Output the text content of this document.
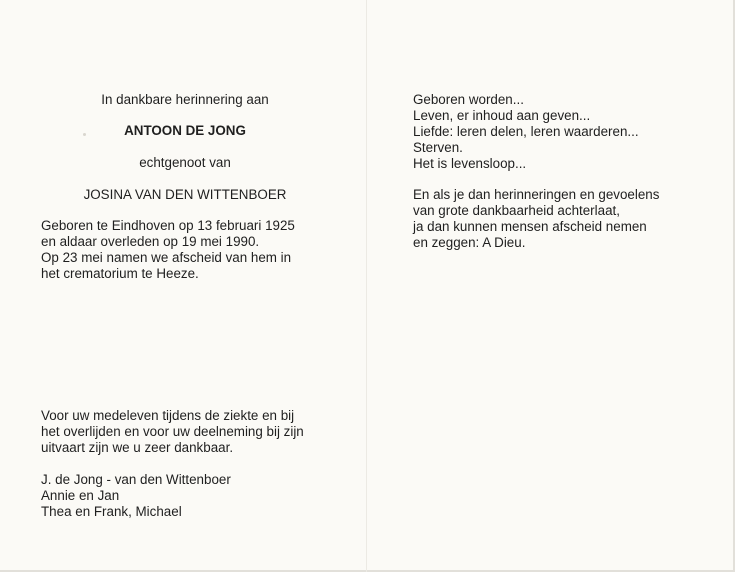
In dankbare herinnering aan

ANTOON DE JONG

echtgenoot van

JOSINA VAN DEN WITTENBOER

Geboren te Eindhoven op 13 februari 1925

en aldaar overleden op 19 mei 1990.

Op 23 mei namen we afscheid van hem in

het crematorium te Heeze.

Voor uw medeleven tijdens de ziekte en bij

het overlijden en voor uw deelneming bij zijn

uitvaart zijn we u zeer dankbaar.

J. de Jong - van den Wittenboer

Annie en Jan

Thea en Frank, Michael

Geboren worden...

Leven, er inhoud aan geven...

Liefde: leren delen, leren waarderen...

Sterven.

Het is levensloop...

En als je dan herinneringen en gevoelens

van grote dankbaarheid achterlaat,

ja dan kunnen mensen afscheid nemen

en zeggen: A Dieu.
